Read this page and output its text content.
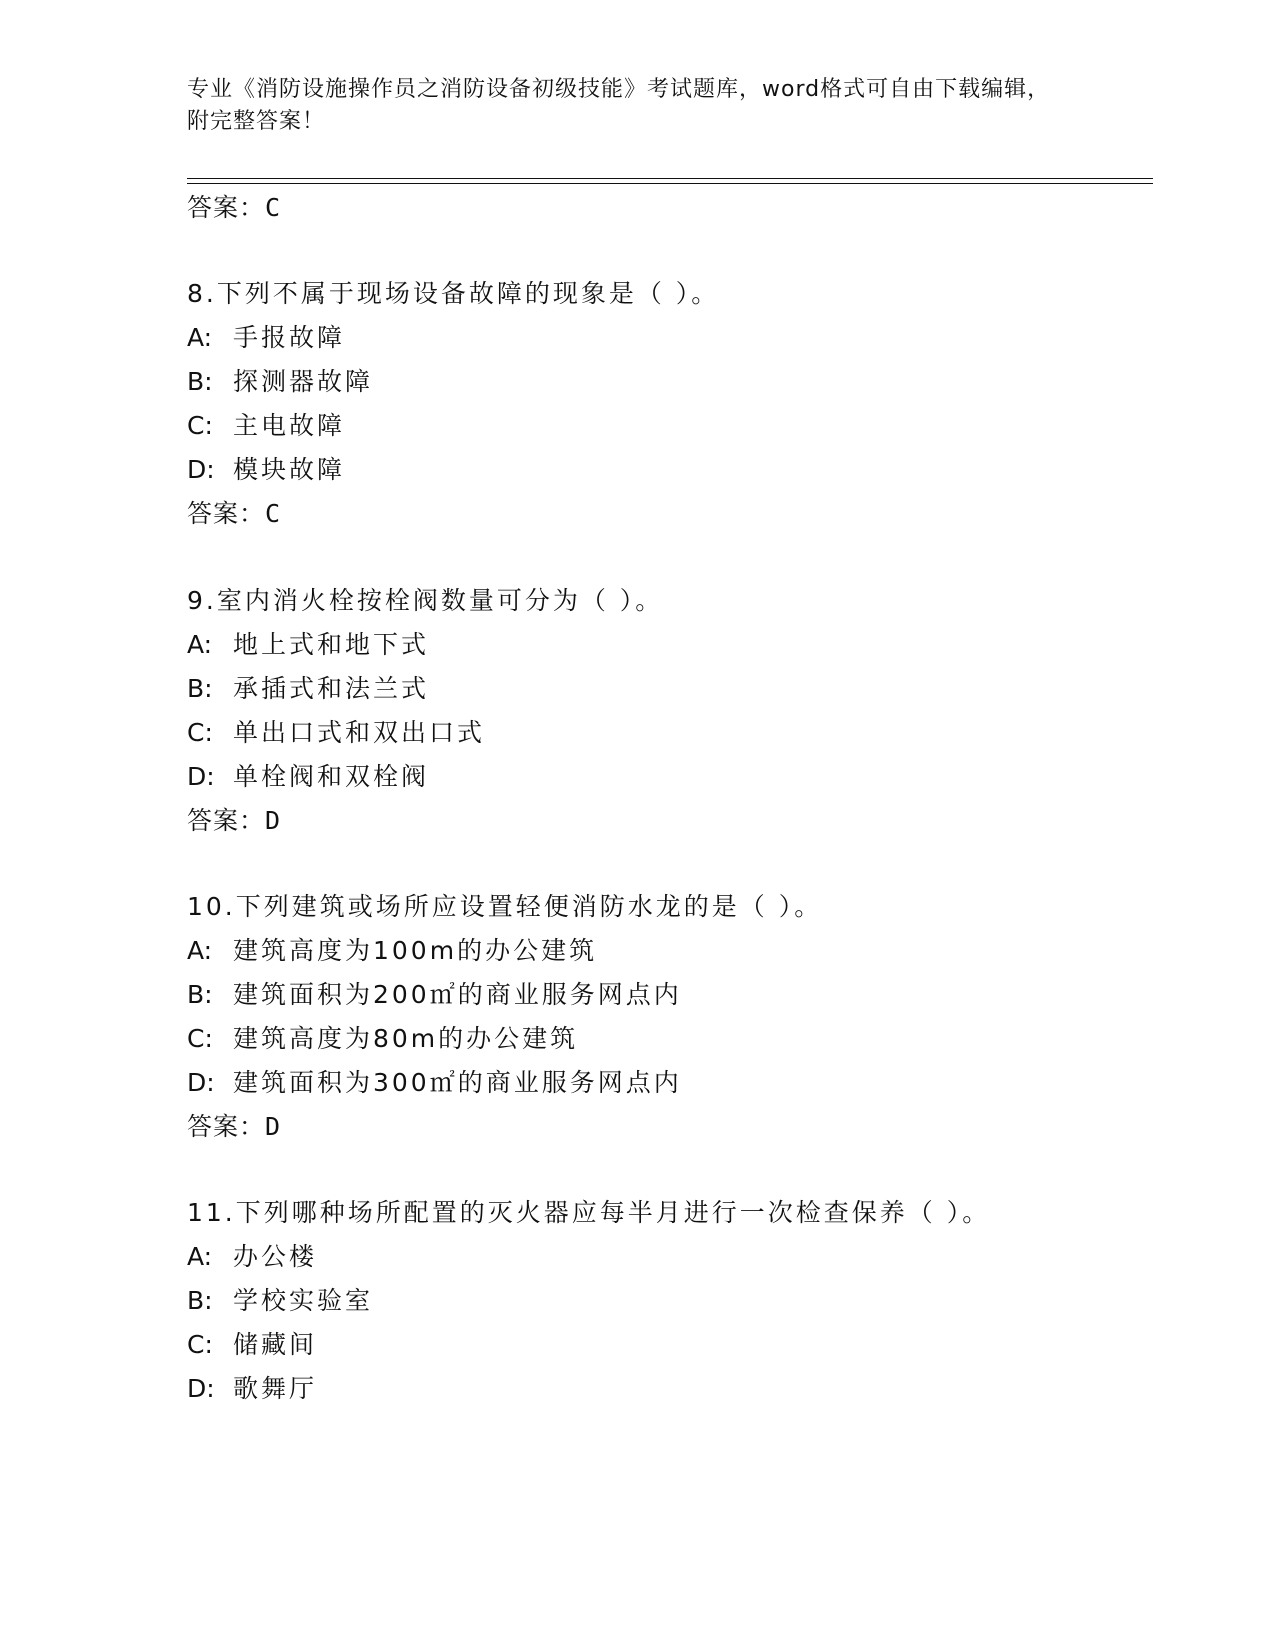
专业《消防设施操作员之消防设备初级技能》考试题库，word格式可自由下载编辑，附完整答案！
答案：C
8.下列不属于现场设备故障的现象是（ ）。
A: 手报故障
B: 探测器故障
C: 主电故障
D: 模块故障
答案：C
9.室内消火栓按栓阀数量可分为（ ）。
A: 地上式和地下式
B: 承插式和法兰式
C: 单出口式和双出口式
D: 单栓阀和双栓阀
答案：D
10.下列建筑或场所应设置轻便消防水龙的是（ ）。
A: 建筑高度为100m的办公建筑
B: 建筑面积为200㎡的商业服务网点内
C: 建筑高度为80m的办公建筑
D: 建筑面积为300㎡的商业服务网点内
答案：D
11.下列哪种场所配置的灭火器应每半月进行一次检查保养（ ）。
A: 办公楼
B: 学校实验室
C: 储藏间
D: 歌舞厅
